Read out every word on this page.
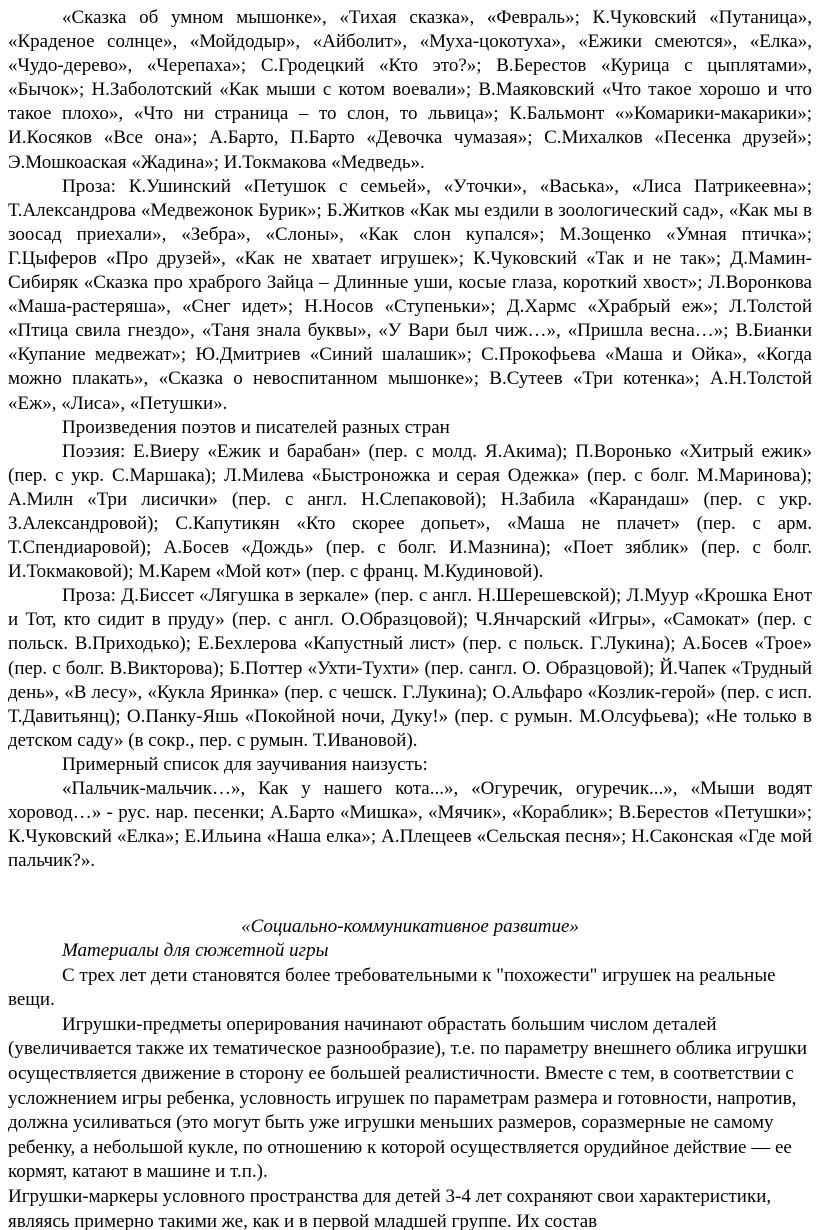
«Сказка об умном мышонке», «Тихая сказка», «Февраль»; К.Чуковский «Путаница», «Краденое солнце», «Мойдодыр», «Айболит», «Муха-цокотуха», «Ежики смеются», «Елка», «Чудо-дерево», «Черепаха»; С.Гродецкий «Кто это?»; В.Берестов «Курица с цыплятами», «Бычок»; Н.Заболотский «Как мыши с котом воевали»; В.Маяковский «Что такое хорошо и что такое плохо», «Что ни страница – то слон, то львица»; К.Бальмонт «»Комарики-макарики»; И.Косяков «Все она»; А.Барто, П.Барто «Девочка чумазая»; С.Михалков «Песенка друзей»; Э.Мошкоаская «Жадина»; И.Токмакова «Медведь».

Проза: К.Ушинский «Петушок с семьей», «Уточки», «Васька», «Лиса Патрикеевна»; Т.Александрова «Медвежонок Бурик»; Б.Житков «Как мы ездили в зоологический сад», «Как мы в зоосад приехали», «Зебра», «Слоны», «Как слон купался»; М.Зощенко «Умная птичка»; Г.Цыферов «Про друзей», «Как не хватает игрушек»; К.Чуковский «Так и не так»; Д.Мамин-Сибиряк «Сказка про храброго Зайца – Длинные уши, косые глаза, короткий хвост»; Л.Воронкова «Маша-растеряша», «Снег идет»; Н.Носов «Ступеньки»; Д.Хармс «Храбрый еж»; Л.Толстой «Птица свила гнездо», «Таня знала буквы», «У Вари был чиж…», «Пришла весна…»; В.Бианки «Купание медвежат»; Ю.Дмитриев «Синий шалашик»; С.Прокофьева «Маша и Ойка», «Когда можно плакать», «Сказка о невоспитанном мышонке»; В.Сутеев «Три котенка»; А.Н.Толстой «Еж», «Лиса», «Петушки».

Произведения поэтов и писателей разных стран

Поэзия: Е.Виеру «Ежик и барабан» (пер. с молд. Я.Акима); П.Воронько «Хитрый ежик» (пер. с укр. С.Маршака); Л.Милева «Быстроножка и серая Одежка» (пер. с болг. М.Маринова); А.Милн «Три лисички» (пер. с англ. Н.Слепаковой); Н.Забила «Карандаш» (пер. с укр. З.Александровой); С.Капутикян «Кто скорее допьет», «Маша не плачет» (пер. с арм. Т.Спендиаровой); А.Босев «Дождь» (пер. с болг. И.Мазнина); «Поет зяблик» (пер. с болг. И.Токмаковой); М.Карем «Мой кот» (пер. с франц. М.Кудиновой).

Проза: Д.Биссет «Лягушка в зеркале» (пер. с англ. Н.Шерешевской); Л.Муур «Крошка Енот и Тот, кто сидит в пруду» (пер. с англ. О.Образцовой); Ч.Янчарский «Игры», «Самокат» (пер. с польск. В.Приходько); Е.Бехлерова «Капустный лист» (пер. с польск. Г.Лукина); А.Босев «Трое» (пер. с болг. В.Викторова); Б.Поттер «Ухти-Тухти» (пер. сангл. О. Образцовой); Й.Чапек «Трудный день», «В лесу», «Кукла Яринка» (пер. с чешск. Г.Лукина); О.Альфаро «Козлик-герой» (пер. с исп. Т.Давитьянц); О.Панку-Яшь «Покойной ночи, Дуку!» (пер. с румын. М.Олсуфьева); «Не только в детском саду» (в сокр., пер. с румын. Т.Ивановой).

Примерный список для заучивания наизусть:

«Пальчик-мальчик…», Как у нашего кота...», «Огуречик, огуречик...», «Мыши водят хоровод…» - рус. нар. песенки; А.Барто «Мишка», «Мячик», «Кораблик»; В.Берестов «Петушки»; К.Чуковский «Елка»; Е.Ильина «Наша елка»; А.Плещеев «Сельская песня»; Н.Саконская «Где мой пальчик?».

«Социально-коммуникативное развитие»

Материалы для сюжетной игры

С трех лет дети становятся более требовательными к "похожести" игрушек на реальные вещи.

Игрушки-предметы оперирования начинают обрастать большим числом деталей (увеличивается также их тематическое разнообразие), т.е. по параметру внешнего облика игрушки осуществляется движение в сторону ее большей реалистичности. Вместе с тем, в соответствии с усложнением игры ребенка, условность игрушек по параметрам размера и готовности, напротив, должна усиливаться (это могут быть уже игрушки меньших размеров, соразмерные не самому ребенку, а небольшой кукле, по отношению к которой осуществляется орудийное действие — ее кормят, катают в машине и т.п.).

Игрушки-маркеры условного пространства для детей 3-4 лет сохраняют свои характеристики, являясь примерно такими же, как и в первой младшей группе. Их состав
